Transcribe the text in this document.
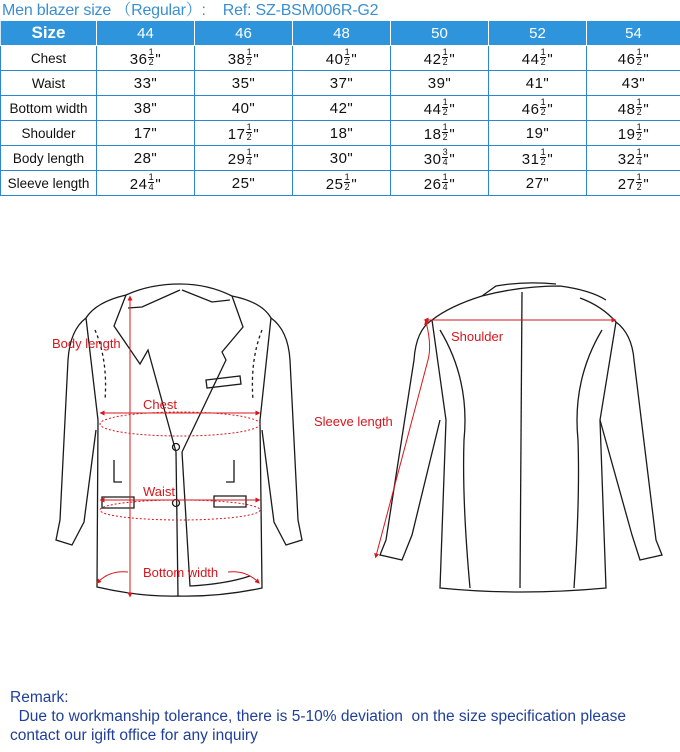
Men blazer size （Regular）:    Ref: SZ-BSM006R-G2
Size	44	46	48	50	52	54
Chest	$36 \frac{1}{2}$ "	$38 \frac{1}{2}$ "	$40 \frac{1}{2}$ "	$42 \frac{1}{2}$ "	$44 \frac{1}{2}$ "	$46 \frac{1}{2}$ "
Waist	33"	35"	37"	39"	41"	43"
Bottom width	38"	40"	42"	$44 \frac{1}{2}$ "	$46 \frac{1}{2}$ "	$48 \frac{1}{2}$ "
Shoulder	17"	$17 \frac{1}{2}$ "	18"	$18 \frac{1}{2}$ "	19"	$19 \frac{1}{2}$ "
Body length	28"	$29 \frac{1}{4}$ "	30"	$30 \frac{3}{4}$ "	$31 \frac{1}{2}$ "	$32 \frac{1}{4}$ "
Sleeve length	$24 \frac{1}{4}$ "	25"	$25 \frac{1}{2}$ "	$26 \frac{1}{4}$ "	27"	$27 \frac{1}{2}$ "
Body length
Chest
Waist
Bottom width
Shoulder
Sleeve length

Remark:

Due to workmanship tolerance, there is 5-10% deviation  on the size specification please

contact our igift office for any inquiry
